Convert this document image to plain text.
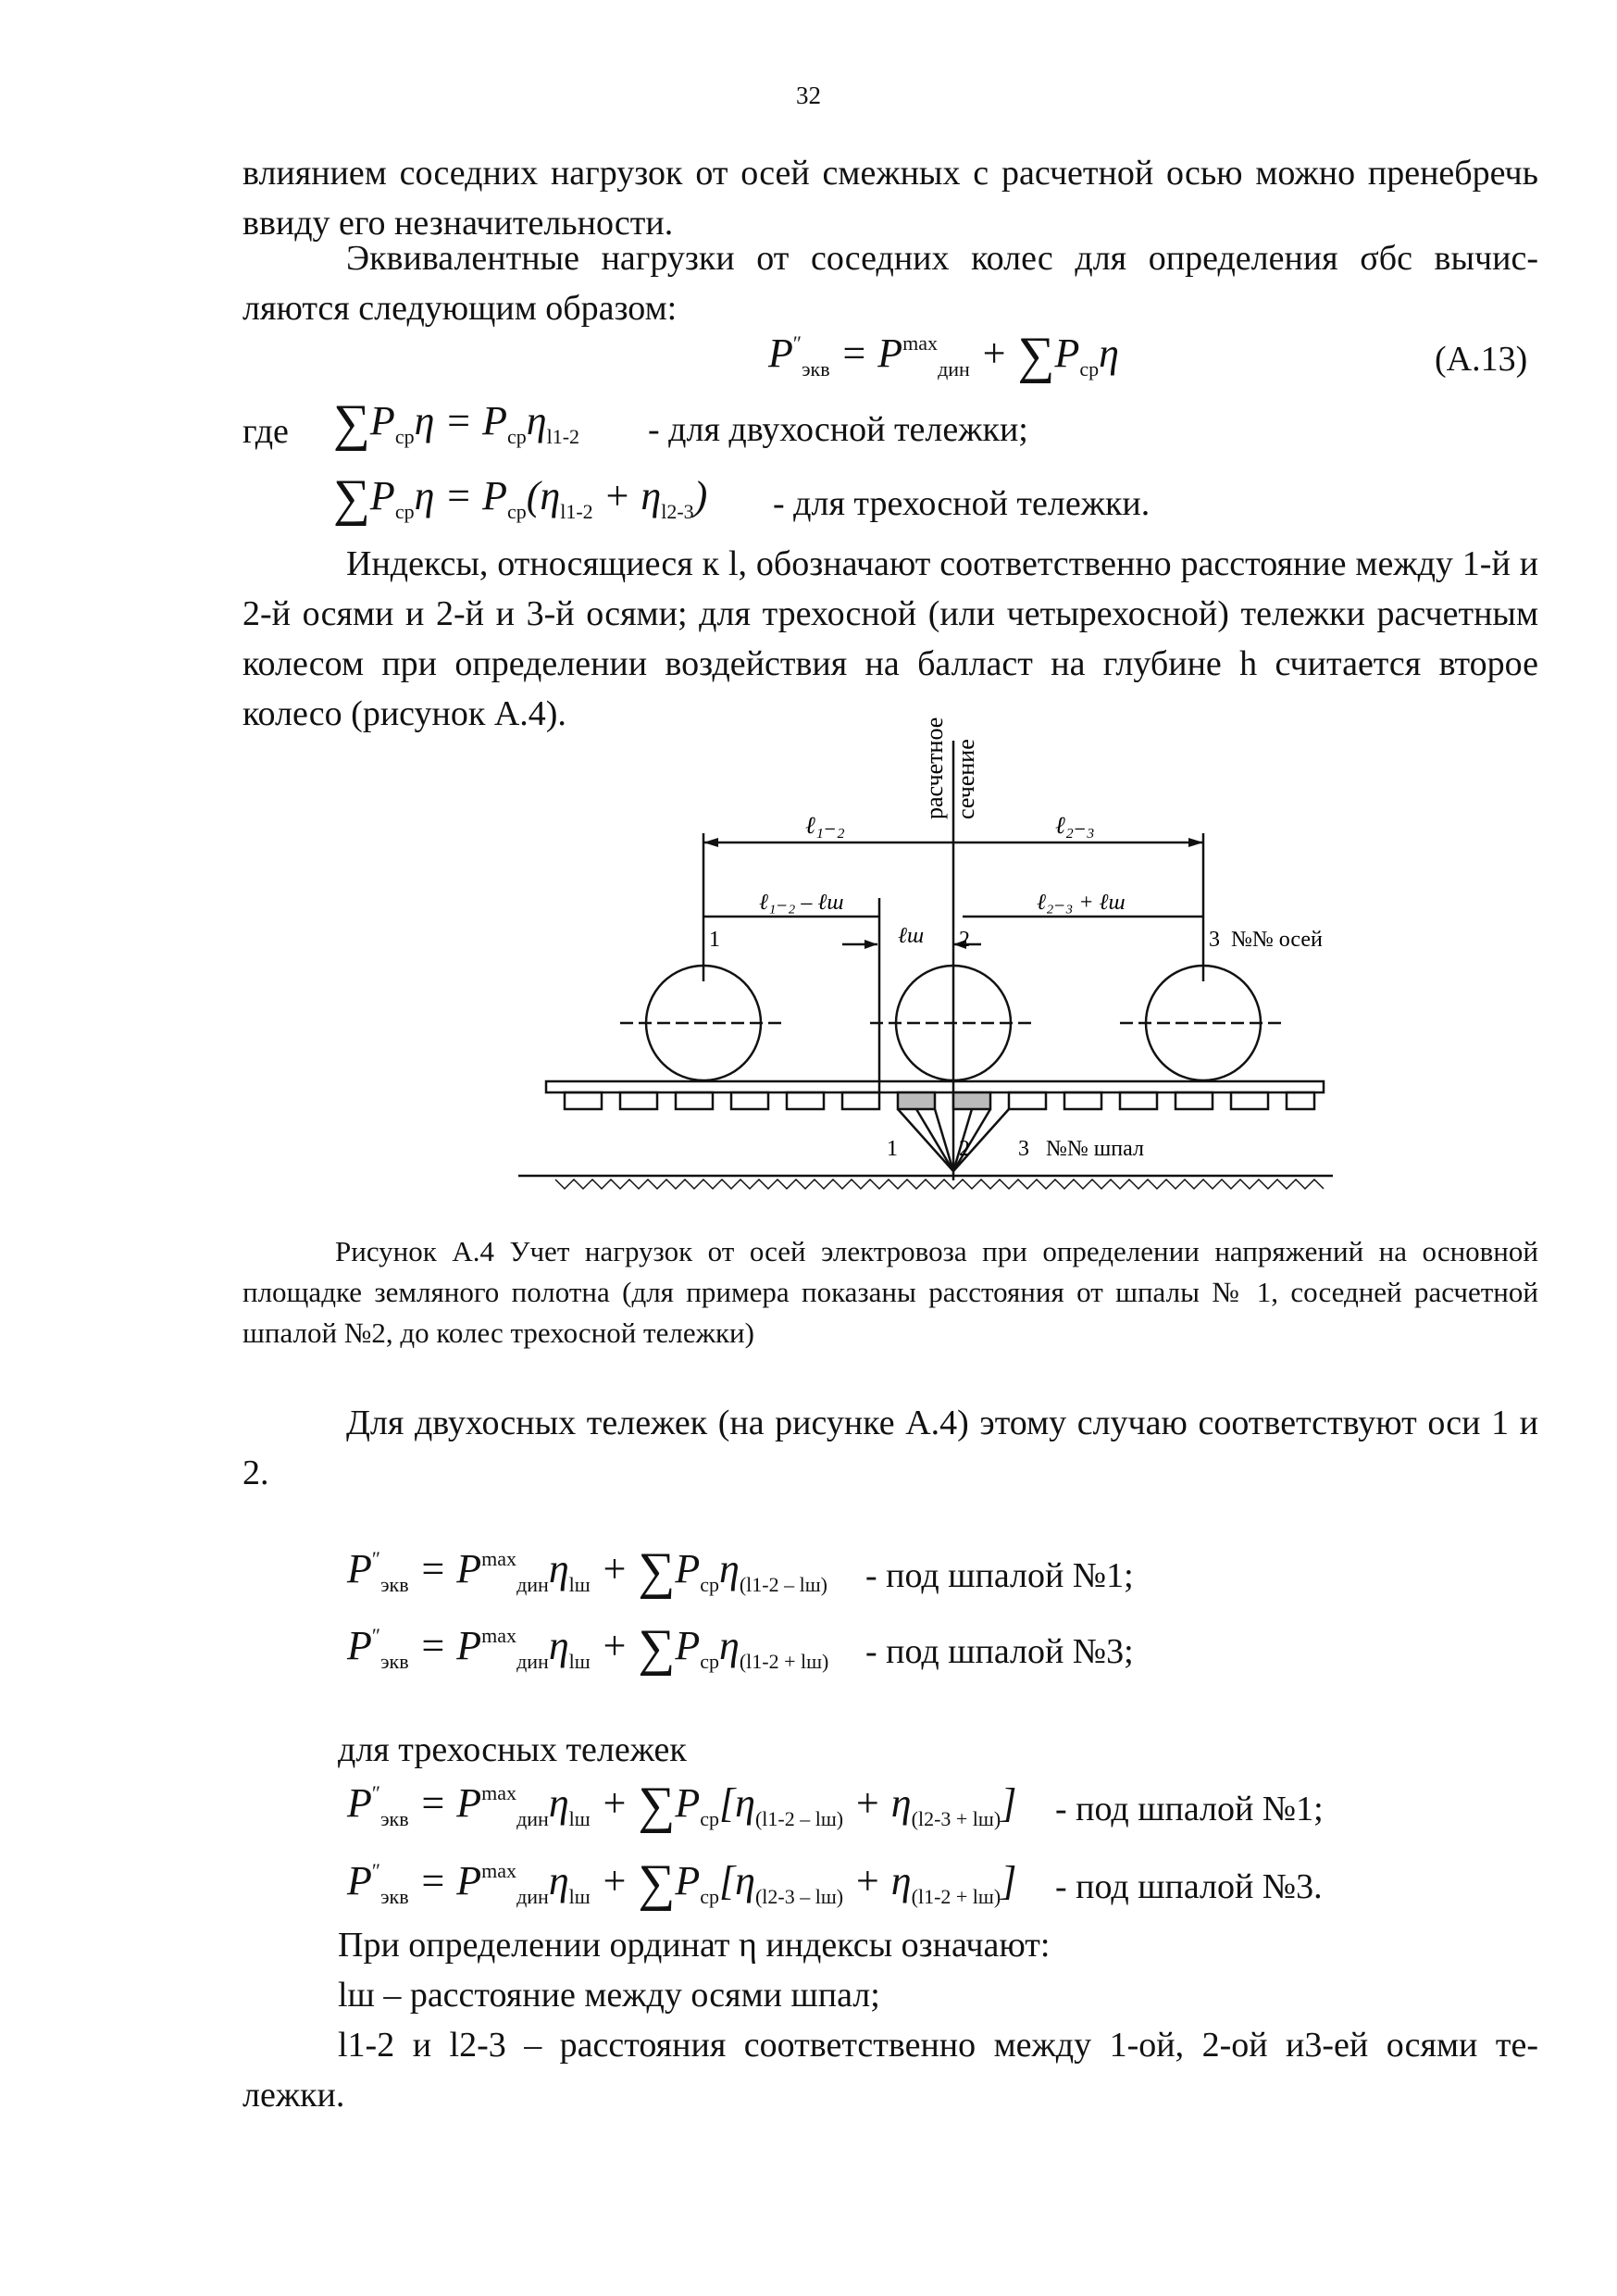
32
влиянием соседних нагрузок от осей смежных с расчетной осью можно пренебречь ввиду его незначительности.
Эквивалентные нагрузки от соседних колес для определения σбс вычис-
ляются следующим образом:
$P''_{экв} = P^{max}_{дин} + \sum P_{ср}\eta$	(А.13)
где $\sum P_{ср}\eta = P_{ср}\eta_{l1-2}$ - для двухосной тележки;
$\sum P_{ср}\eta = P_{ср}(\eta_{l1-2} + \eta_{l2-3})$ - для трехосной тележки.
Индексы, относящиеся к l, обозначают соответственно расстояние между 1-й и 2-й осями и 2-й и 3-й осями; для трехосной (или четырехосной) тележки расчетным колесом при определении воздействия на балласт на глубине h считается второе колесо (рисунок А.4).
расчетное сечение
ℓ₁₋₂	ℓ₂₋₃
ℓ₁₋₂ – ℓш	ℓ₂₋₃ + ℓш
ℓш
1	2	3 №№ осей
1	2 3 №№ шпал
Рисунок А.4 Учет нагрузок от осей электровоза при определении напряжений на основной площадке земляного полотна (для примера показаны расстояния от шпалы № 1, соседней расчетной шпалой №2, до колес трехосной тележки)
Для двухосных тележек (на рисунке А.4) этому случаю соответствуют оси 1 и 2.
$P''_{экв} = P^{max}_{дин}\eta_{lш} + \sum P_{ср}\eta_{(l1-2 - lш)}$ - под шпалой №1;
$P''_{экв} = P^{max}_{дин}\eta_{lш} + \sum P_{ср}\eta_{(l1-2 + lш)}$ - под шпалой №3;
для трехосных тележек
$P''_{экв} = P^{max}_{дин}\eta_{lш} + \sum P_{ср}[\eta_{(l1-2 - lш)} + \eta_{(l2-3 + lш)}]$ - под шпалой №1;
$P''_{экв} = P^{max}_{дин}\eta_{lш} + \sum P_{ср}[\eta_{(l2-3 - lш)} + \eta_{(l1-2 + lш)}]$ - под шпалой №3.
При определении ординат η индексы означают:
lш – расстояние между осями шпал;
l1-2 и l2-3 – расстояния соответственно между 1-ой, 2-ой и3-ей осями те-
лежки.
